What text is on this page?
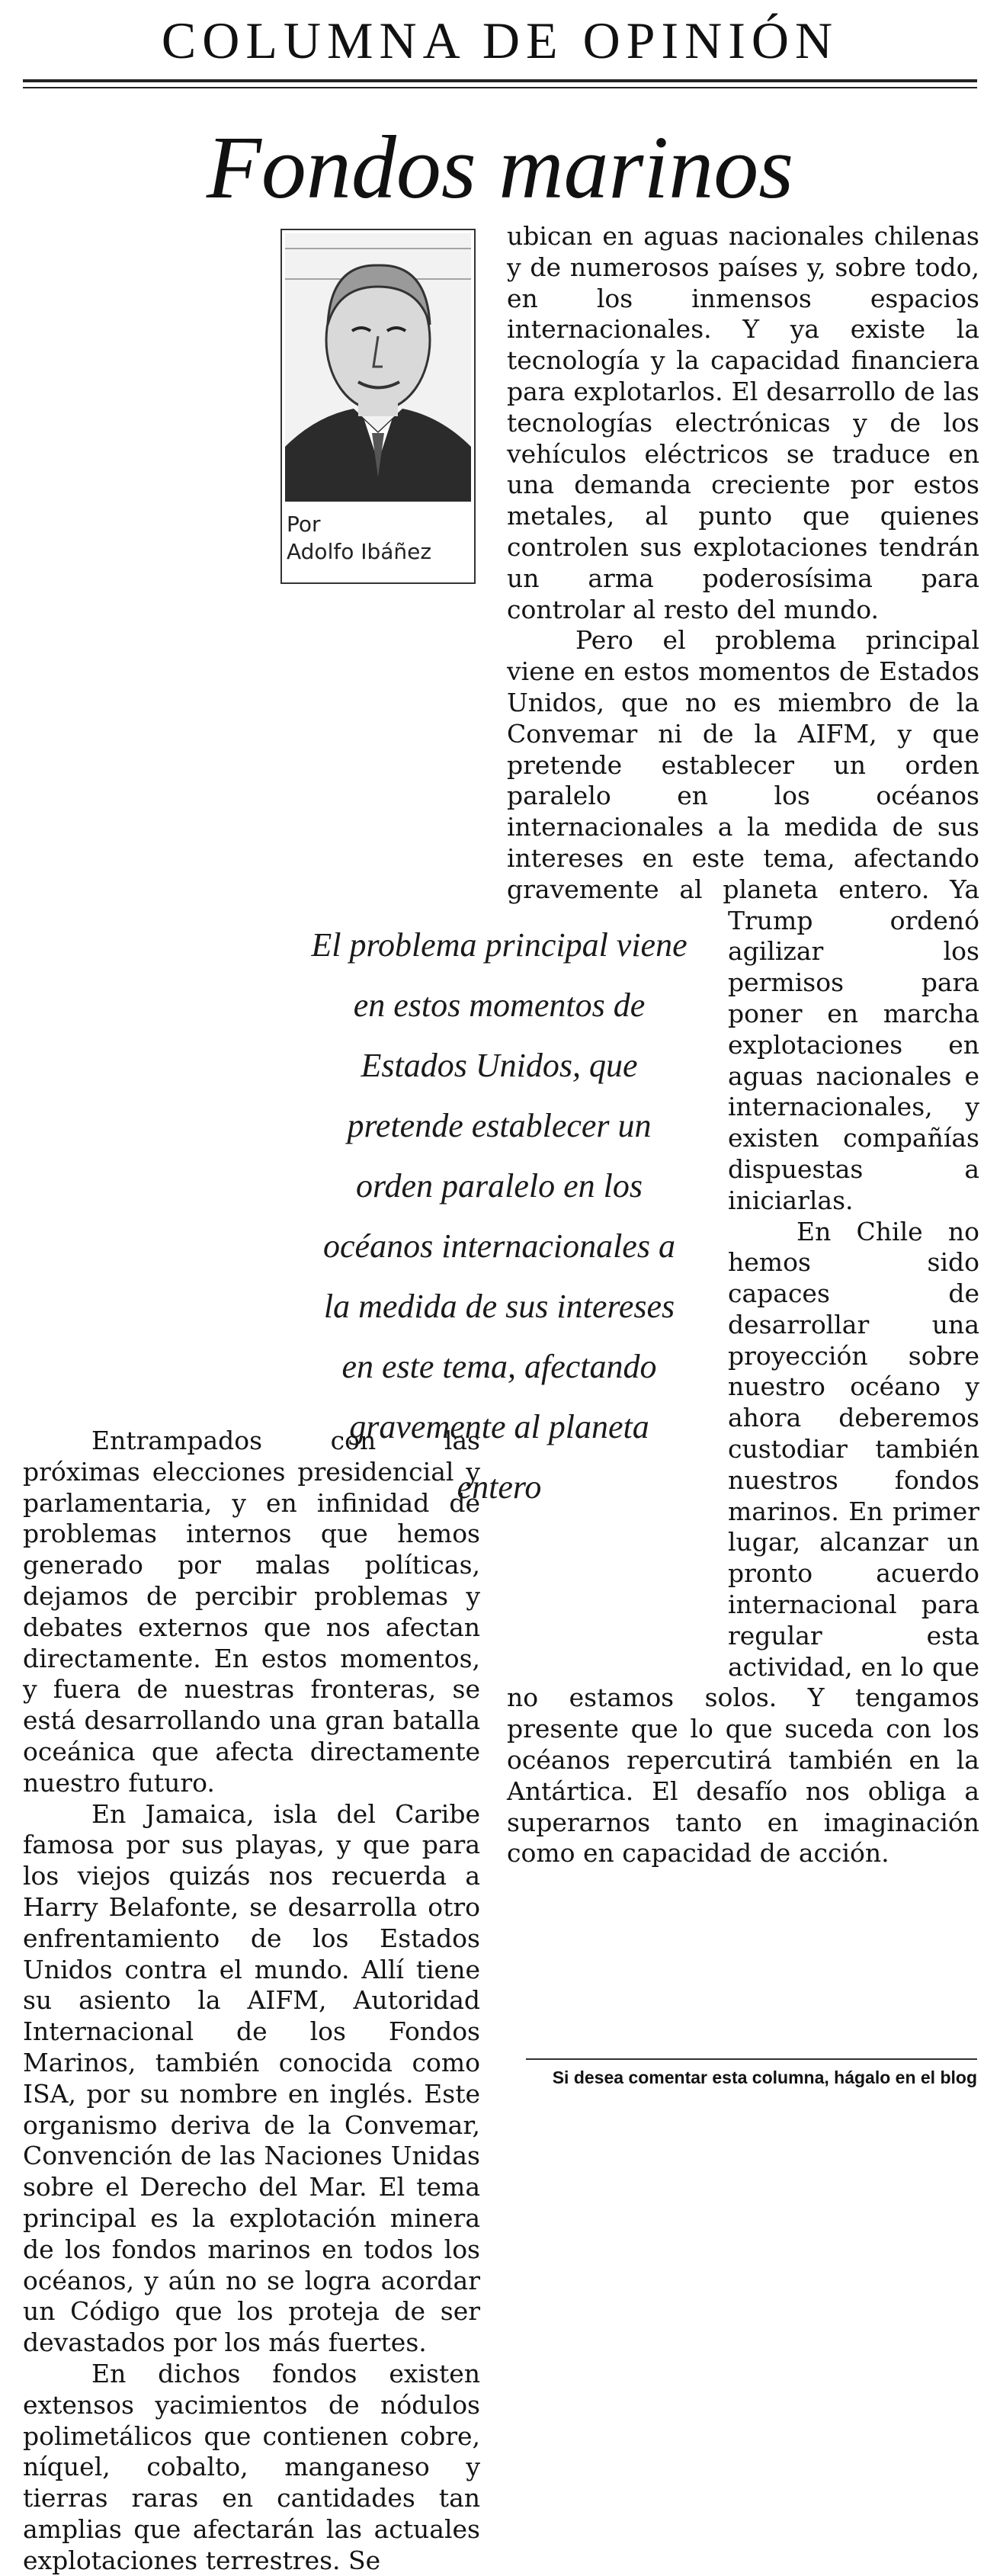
COLUMNA DE OPINIÓN
Fondos marinos

Entrampados con las próximas elecciones presidencial y parlamentaria, y en infinidad de problemas internos que hemos generado por malas políticas, dejamos de percibir problemas y debates externos que nos afectan directamente. En estos momentos, y fuera de nuestras fronteras, se está desarrollando una gran batalla oceánica que afecta directamente nuestro futuro.

En Jamaica, isla del Caribe famosa por sus playas, y que para los viejos quizás nos recuerda a Harry Belafonte, se desarrolla otro enfrentamiento de los Estados Unidos contra el mundo. Allí tiene su asiento la AIFM, Autoridad Internacional de los Fondos Marinos, también conocida como ISA, por su nombre en inglés. Este organismo deriva de la Convemar, Convención de las Naciones Unidas sobre el Derecho del Mar. El tema principal es la explotación minera de los fondos marinos en todos los océanos, y aún no se logra acordar un Código que los proteja de ser devastados por los más fuertes.

En dichos fondos existen extensos yacimientos de nódulos polimetálicos que contienen cobre, níquel, cobalto, manganeso y tierras raras en cantidades tan amplias que afectarán las actuales explotaciones terrestres. Se

ubican en aguas nacionales chilenas y de numerosos países y, sobre todo, en los inmensos espacios internacionales. Y ya existe la tecnología y la capacidad financiera para explotarlos. El desarrollo de las tecnologías electrónicas y de los vehículos eléctricos se traduce en una demanda creciente por estos metales, al punto que quienes controlen sus explotaciones tendrán un arma poderosísima para controlar al resto del mundo.

Pero el problema principal viene en estos momentos de Estados Unidos, que no es miembro de la Convemar ni de la AIFM, y que pretende establecer un orden paralelo en los océanos internacionales a la medida de sus intereses en este tema, afectando gravemente al planeta entero. Ya Trump ordenó agilizar los permisos para poner en marcha explotaciones en aguas nacionales e internacionales, y existen compañías dispuestas a iniciarlas.

En Chile no hemos sido capaces de desarrollar una proyección sobre nuestro océano y ahora deberemos custodiar también nuestros fondos marinos. En primer lugar, alcanzar un pronto acuerdo internacional para regular esta actividad, en lo que no estamos solos. Y tengamos presente que lo que suceda con los océanos repercutirá también en la Antártica. El desafío nos obliga a superarnos tanto en imaginación como en capacidad de acción.

Por
Adolfo Ibáñez
El problema principal viene en estos momentos de Estados Unidos, que pretende establecer un orden paralelo en los océanos internacionales a la medida de sus intereses en este tema, afectando gravemente al planeta entero
Si desea comentar esta columna, hágalo en el blog
